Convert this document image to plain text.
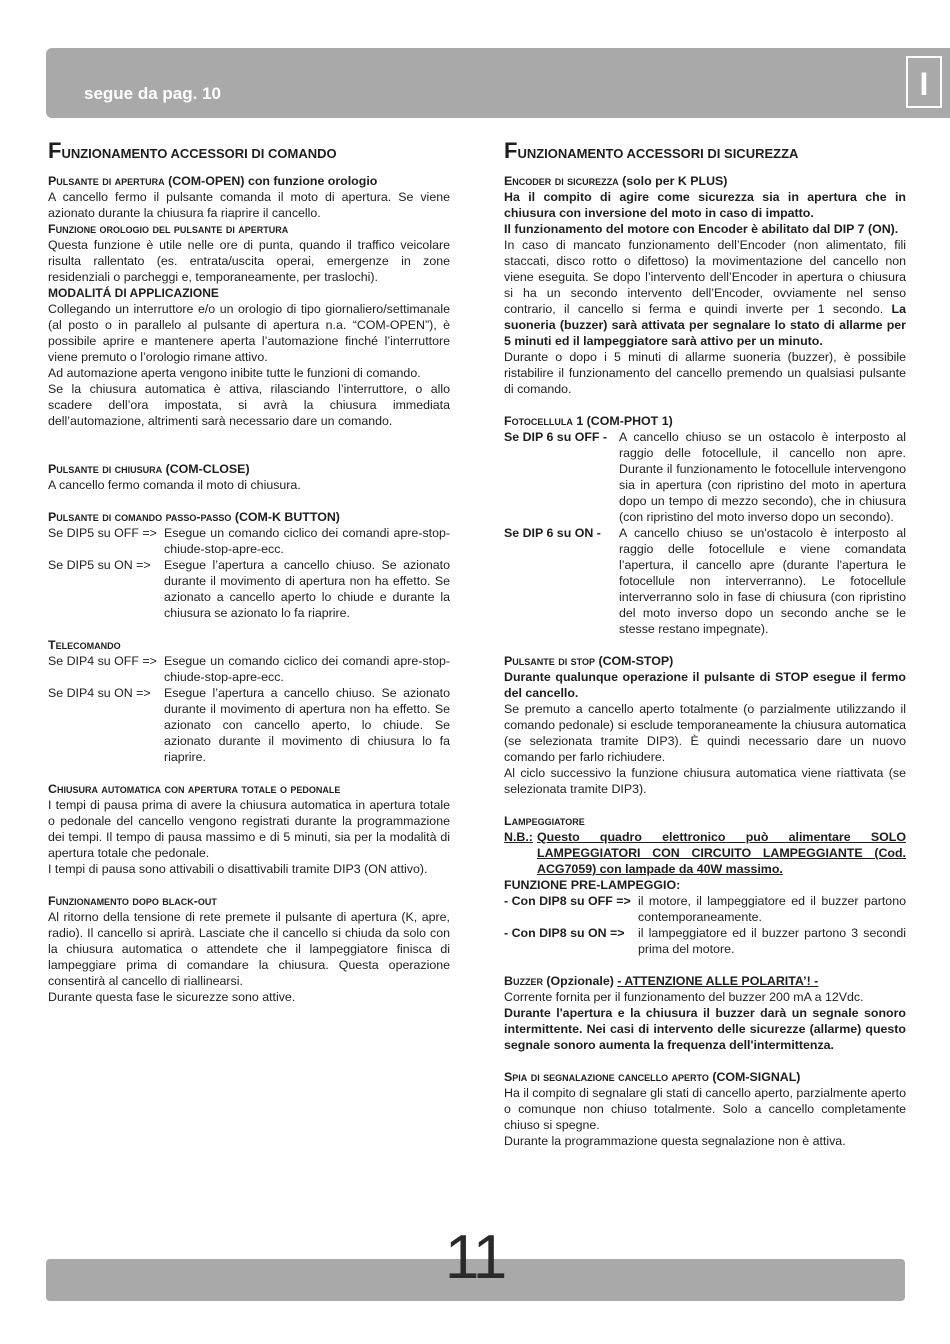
segue da pag. 10	I
FUNZIONAMENTO ACCESSORI DI COMANDO
Pulsante di apertura (COM-OPEN) con funzione orologio

A cancello fermo il pulsante comanda il moto di apertura. Se viene azionato durante la chiusura fa riaprire il cancello.

Funzione orologio del pulsante di apertura

Questa funzione è utile nelle ore di punta, quando il traffico veicolare risulta rallentato (es. entrata/uscita operai, emergenze in zone residenziali o parcheggi e, temporaneamente, per traslochi).

MODALITÁ DI APPLICAZIONE

Collegando un interruttore e/o un orologio di tipo giornaliero/settimanale (al posto o in parallelo al pulsante di apertura n.a. “COM-OPEN”), è possibile aprire e mantenere aperta l’automazione finché l’interruttore viene premuto o l’orologio rimane attivo.

Ad automazione aperta vengono inibite tutte le funzioni di comando.

Se la chiusura automatica è attiva, rilasciando l’interruttore, o allo scadere dell’ora impostata, si avrà la chiusura immediata dell’automazione, altrimenti sarà necessario dare un comando.

Pulsante di chiusura (COM-CLOSE)

A cancello fermo comanda il moto di chiusura.

Pulsante di comando passo-passo (COM-K BUTTON)
Se DIP5 su OFF => Esegue un comando ciclico dei comandi apre-stop-chiude-stop-apre-ecc.
Se DIP5 su ON =>	Esegue l’apertura a cancello chiuso. Se azionato durante il movimento di apertura non ha effetto. Se azionato a cancello aperto lo chiude e durante la chiusura se azionato lo fa riaprire.
Telecomando
Se DIP4 su OFF => Esegue un comando ciclico dei comandi apre-stop-chiude-stop-apre-ecc.
Se DIP4 su ON =>	Esegue l’apertura a cancello chiuso. Se azionato durante il movimento di apertura non ha effetto. Se azionato con cancello aperto, lo chiude. Se azionato durante il movimento di chiusura lo fa riaprire.
Chiusura automatica con apertura totale o pedonale

I tempi di pausa prima di avere la chiusura automatica in apertura totale o pedonale del cancello vengono registrati durante la programmazione dei tempi. Il tempo di pausa massimo e di 5 minuti, sia per la modalità di apertura totale che pedonale.

I tempi di pausa sono attivabili o disattivabili tramite DIP3 (ON attivo).

Funzionamento dopo black-out

Al ritorno della tensione di rete premete il pulsante di apertura (K, apre, radio). Il cancello si aprirà. Lasciate che il cancello si chiuda da solo con la chiusura automatica o attendete che il lampeggiatore finisca di lampeggiare prima di comandare la chiusura. Questa operazione consentirà al cancello di riallinearsi.

Durante questa fase le sicurezze sono attive.

FUNZIONAMENTO ACCESSORI DI SICUREZZA
Encoder di sicurezza (solo per K PLUS)

Ha il compito di agire come sicurezza sia in apertura che in chiusura con inversione del moto in caso di impatto.

Il funzionamento del motore con Encoder è abilitato dal DIP 7 (ON).

In caso di mancato funzionamento dell’Encoder (non alimentato, fili staccati, disco rotto o difettoso) la movimentazione del cancello non viene eseguita. Se dopo l’intervento dell’Encoder in apertura o chiusura si ha un secondo intervento dell’Encoder, ovviamente nel senso contrario, il cancello si ferma e quindi inverte per 1 secondo. La suoneria (buzzer) sarà attivata per segnalare lo stato di allarme per 5 minuti ed il lampeggiatore sarà attivo per un minuto.

Durante o dopo i 5 minuti di allarme suoneria (buzzer), è possibile ristabilire il funzionamento del cancello premendo un qualsiasi pulsante di comando.

Fotocellula 1 (COM-PHOT 1)
Se DIP 6 su OFF - A cancello chiuso se un ostacolo è interposto al raggio delle fotocellule, il cancello non apre. Durante il funzionamento le fotocellule intervengono sia in apertura (con ripristino del moto in apertura dopo un tempo di mezzo secondo), che in chiusura (con ripristino del moto inverso dopo un secondo).
Se DIP 6 su ON -	A cancello chiuso se un'ostacolo è interposto al raggio delle fotocellule e viene comandata l’apertura, il cancello apre (durante l'apertura le fotocellule non interverranno). Le fotocellule interverranno solo in fase di chiusura (con ripristino del moto inverso dopo un secondo anche se le stesse restano impegnate).
Pulsante di stop (COM-STOP)

Durante qualunque operazione il pulsante di STOP esegue il fermo del cancello.

Se premuto a cancello aperto totalmente (o parzialmente utilizzando il comando pedonale) si esclude temporaneamente la chiusura automatica (se selezionata tramite DIP3). È quindi necessario dare un nuovo comando per farlo richiudere.

Al ciclo successivo la funzione chiusura automatica viene riattivata (se selezionata tramite DIP3).

Lampeggiatore
N.B.: Questo quadro elettronico può alimentare SOLO LAMPEGGIATORI CON CIRCUITO LAMPEGGIANTE (Cod. ACG7059) con lampade da 40W massimo.

FUNZIONE PRE-LAMPEGGIO:

- Con DIP8 su OFF => il motore, il lampeggiatore ed il buzzer partono contemporaneamente.
- Con DIP8 su ON =>	il lampeggiatore ed il buzzer partono 3 secondi prima del motore.
Buzzer (Opzionale) - ATTENZIONE ALLE POLARITA’! -

Corrente fornita per il funzionamento del buzzer 200 mA a 12Vdc.

Durante l'apertura e la chiusura il buzzer darà un segnale sonoro intermittente. Nei casi di intervento delle sicurezze (allarme) questo segnale sonoro aumenta la frequenza dell'intermittenza.

Spia di segnalazione cancello aperto (COM-SIGNAL)

Ha il compito di segnalare gli stati di cancello aperto, parzialmente aperto o comunque non chiuso totalmente. Solo a cancello completamente chiuso si spegne.

Durante la programmazione questa segnalazione non è attiva.

11
